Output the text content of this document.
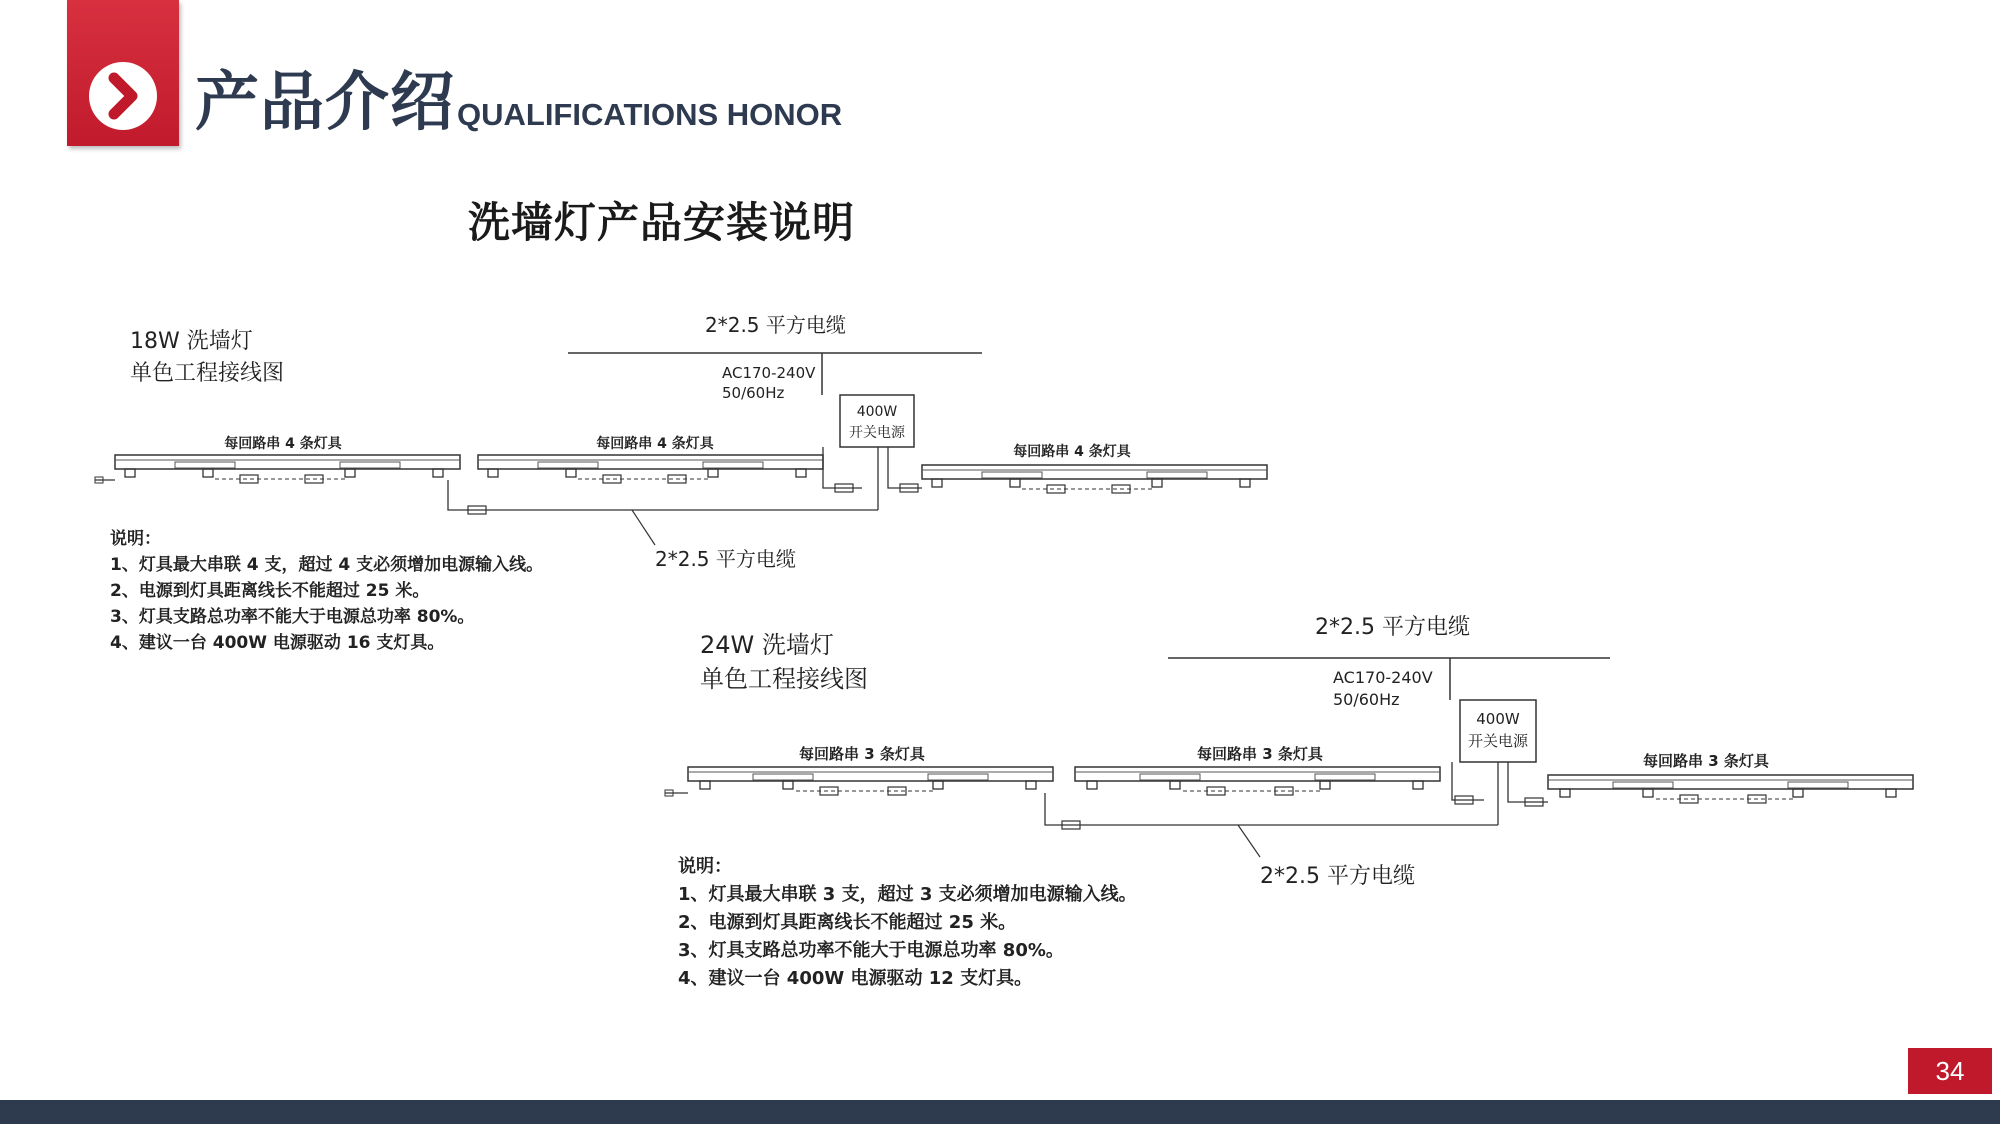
产品介绍 QUALIFICATIONS HONOR
洗墙灯产品安装说明
18W 洗墙灯
单色工程接线图
24W 洗墙灯
单色工程接线图
2*2.5 平方电缆
AC170-240V
50/60Hz
400W
开关电源
每回路串 4 条灯具	每回路串 4 条灯具	每回路串 4 条灯具
2*2.5 平方电缆
2*2.5 平方电缆
AC170-240V
50/60Hz
400W
开关电源
每回路串 3 条灯具	每回路串 3 条灯具	每回路串 3 条灯具
2*2.5 平方电缆
说明：
1、灯具最大串联 4 支，超过 4 支必须增加电源输入线。
2、电源到灯具距离线长不能超过 25 米。
3、灯具支路总功率不能大于电源总功率 80%。
4、建议一台 400W 电源驱动 16 支灯具。
说明：
1、灯具最大串联 3 支，超过 3 支必须增加电源输入线。
2、电源到灯具距离线长不能超过 25 米。
3、灯具支路总功率不能大于电源总功率 80%。
4、建议一台 400W 电源驱动 12 支灯具。
34
